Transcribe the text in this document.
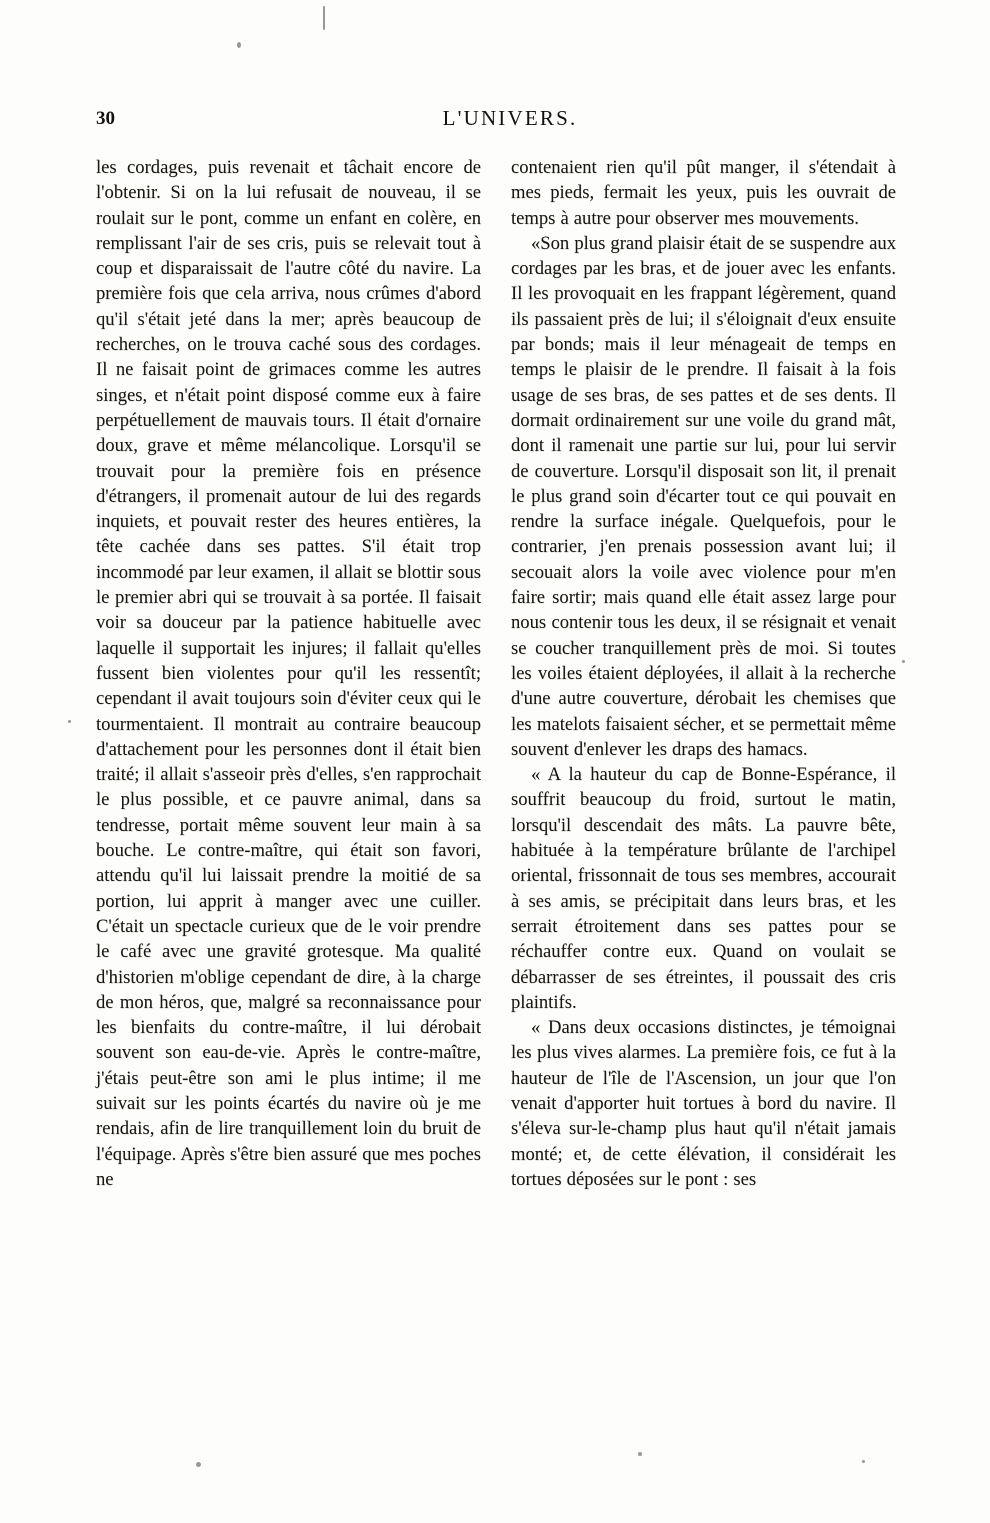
30	L'UNIVERS.

les cordages, puis revenait et tâchait encore de l'obtenir. Si on la lui refusait de nouveau, il se roulait sur le pont, comme un enfant en colère, en remplissant l'air de ses cris, puis se relevait tout à coup et disparaissait de l'autre côté du navire. La première fois que cela arriva, nous crûmes d'abord qu'il s'était jeté dans la mer; après beaucoup de recherches, on le trouva caché sous des cordages. Il ne faisait point de grimaces comme les autres singes, et n'était point disposé comme eux à faire perpétuellement de mauvais tours. Il était d'ornaire doux, grave et même mélancolique. Lorsqu'il se trouvait pour la première fois en présence d'étrangers, il promenait autour de lui des regards inquiets, et pouvait rester des heures entières, la tête cachée dans ses pattes. S'il était trop incommodé par leur examen, il allait se blottir sous le premier abri qui se trouvait à sa portée. Il faisait voir sa douceur par la patience habituelle avec laquelle il supportait les injures; il fallait qu'elles fussent bien violentes pour qu'il les ressentît; cependant il avait toujours soin d'éviter ceux qui le tourmentaient. Il montrait au contraire beaucoup d'attachement pour les personnes dont il était bien traité; il allait s'asseoir près d'elles, s'en rapprochait le plus possible, et ce pauvre animal, dans sa tendresse, portait même souvent leur main à sa bouche. Le contre-maître, qui était son favori, attendu qu'il lui laissait prendre la moitié de sa portion, lui apprit à manger avec une cuiller. C'était un spectacle curieux que de le voir prendre le café avec une gravité grotesque. Ma qualité d'historien m'oblige cependant de dire, à la charge de mon héros, que, malgré sa reconnaissance pour les bienfaits du contre-maître, il lui dérobait souvent son eau-de-vie. Après le contre-maître, j'étais peut-être son ami le plus intime; il me suivait sur les points écartés du navire où je me rendais, afin de lire tranquillement loin du bruit de l'équipage. Après s'être bien assuré que mes poches ne

contenaient rien qu'il pût manger, il s'étendait à mes pieds, fermait les yeux, puis les ouvrait de temps à autre pour observer mes mouvements.

«Son plus grand plaisir était de se suspendre aux cordages par les bras, et de jouer avec les enfants. Il les provoquait en les frappant légèrement, quand ils passaient près de lui; il s'éloignait d'eux ensuite par bonds; mais il leur ménageait de temps en temps le plaisir de le prendre. Il faisait à la fois usage de ses bras, de ses pattes et de ses dents. Il dormait ordinairement sur une voile du grand mât, dont il ramenait une partie sur lui, pour lui servir de couverture. Lorsqu'il disposait son lit, il prenait le plus grand soin d'écarter tout ce qui pouvait en rendre la surface inégale. Quelquefois, pour le contrarier, j'en prenais possession avant lui; il secouait alors la voile avec violence pour m'en faire sortir; mais quand elle était assez large pour nous contenir tous les deux, il se résignait et venait se coucher tranquillement près de moi. Si toutes les voiles étaient déployées, il allait à la recherche d'une autre couverture, dérobait les chemises que les matelots faisaient sécher, et se permettait même souvent d'enlever les draps des hamacs.

« A la hauteur du cap de Bonne-Espérance, il souffrit beaucoup du froid, surtout le matin, lorsqu'il descendait des mâts. La pauvre bête, habituée à la température brûlante de l'archipel oriental, frissonnait de tous ses membres, accourait à ses amis, se précipitait dans leurs bras, et les serrait étroitement dans ses pattes pour se réchauffer contre eux. Quand on voulait se débarrasser de ses étreintes, il poussait des cris plaintifs.

« Dans deux occasions distinctes, je témoignai les plus vives alarmes. La première fois, ce fut à la hauteur de l'île de l'Ascension, un jour que l'on venait d'apporter huit tortues à bord du navire. Il s'éleva sur-le-champ plus haut qu'il n'était jamais monté; et, de cette élévation, il considérait les tortues déposées sur le pont : ses
